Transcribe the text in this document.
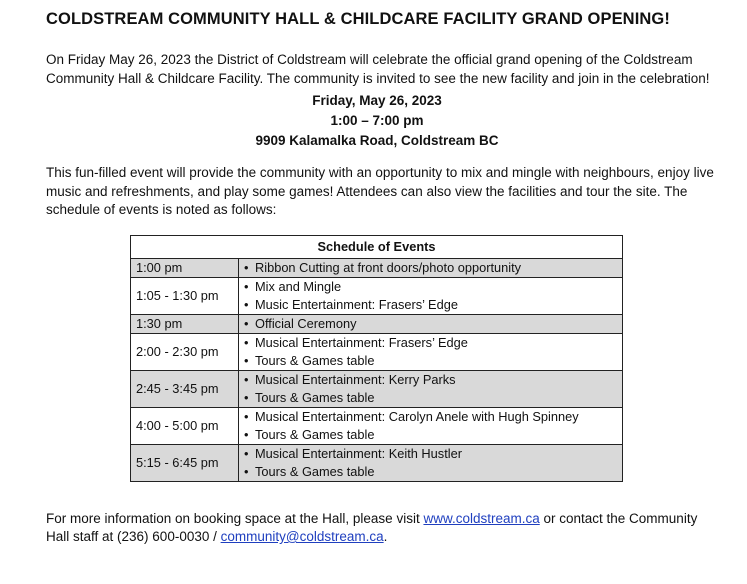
COLDSTREAM COMMUNITY HALL & CHILDCARE FACILITY GRAND OPENING!

On Friday May 26, 2023 the District of Coldstream will celebrate the official grand opening of the Coldstream Community Hall & Childcare Facility. The community is invited to see the new facility and join in the celebration!

Friday, May 26, 2023
1:00 – 7:00 pm
9909 Kalamalka Road, Coldstream BC

This fun-filled event will provide the community with an opportunity to mix and mingle with neighbours, enjoy live music and refreshments, and play some games! Attendees can also view the facilities and tour the site. The schedule of events is noted as follows:

Schedule of Events	
1:00 pm	• Ribbon Cutting at front doors/photo opportunity

1:05 - 1:30 pm	• Mix and Mingle
• Music Entertainment: Frasers’ Edge

1:30 pm	• Official Ceremony

2:00 - 2:30 pm	• Musical Entertainment: Frasers’ Edge
• Tours & Games table

2:45 - 3:45 pm	• Musical Entertainment: Kerry Parks
• Tours & Games table

4:00 - 5:00 pm	• Musical Entertainment: Carolyn Anele with Hugh Spinney
• Tours & Games table

5:15 - 6:45 pm	• Musical Entertainment: Keith Hustler
• Tours & Games table

For more information on booking space at the Hall, please visit www.coldstream.ca or contact the Community Hall staff at (236) 600-0030 / community@coldstream.ca.
